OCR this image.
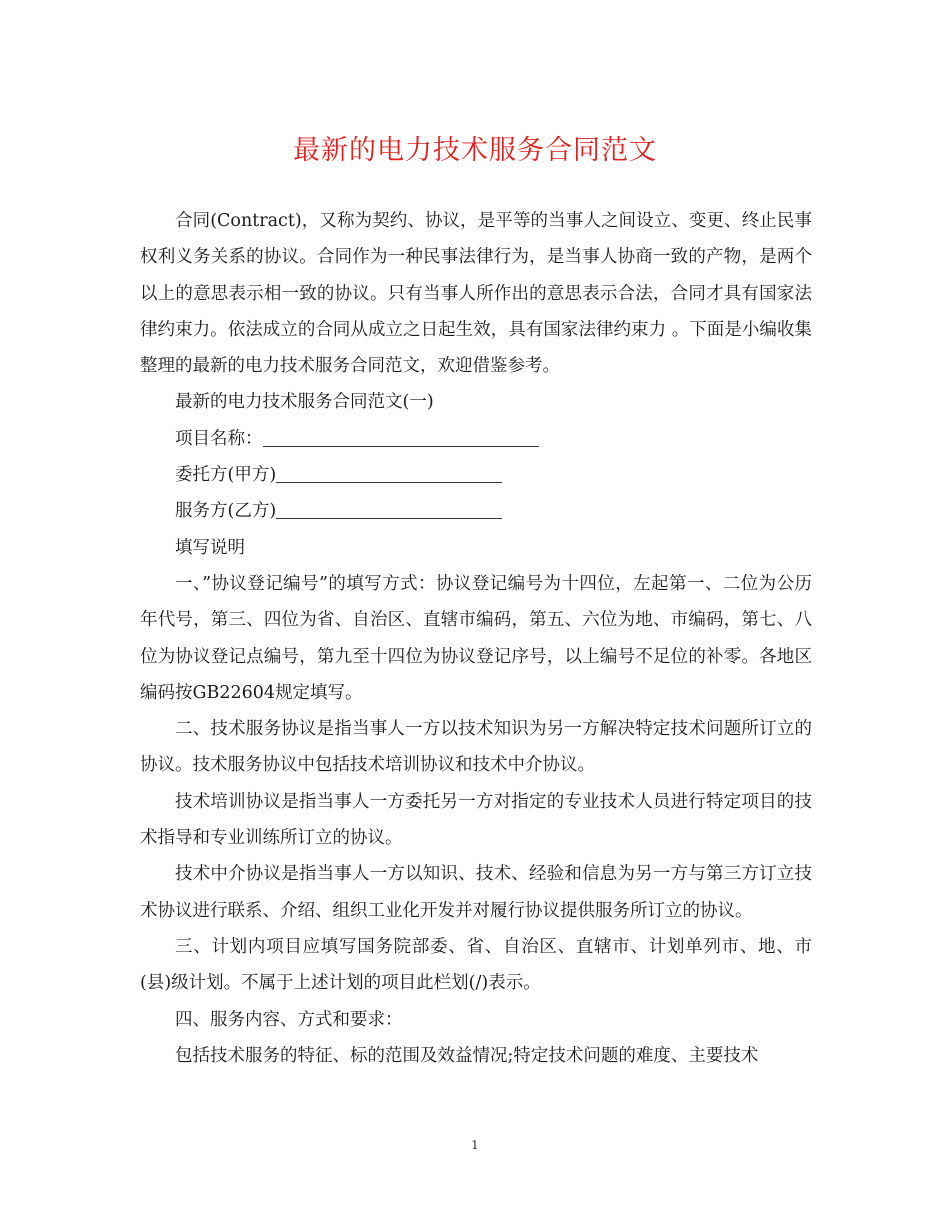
最新的电力技术服务合同范文

合同(Contract)，又称为契约、协议，是平等的当事人之间设立、变更、终止民事权利义务关系的协议。合同作为一种民事法律行为，是当事人协商一致的产物，是两个以上的意思表示相一致的协议。只有当事人所作出的意思表示合法，合同才具有国家法律约束力。依法成立的合同从成立之日起生效，具有国家法律约束力 。下面是小编收集整理的最新的电力技术服务合同范文，欢迎借鉴参考。

最新的电力技术服务合同范文(一)

项目名称：

委托方(甲方)

服务方(乙方)

填写说明

一、”协议登记编号”的填写方式：协议登记编号为十四位，左起第一、二位为公历年代号，第三、四位为省、自治区、直辖市编码，第五、六位为地、市编码，第七、八位为协议登记点编号，第九至十四位为协议登记序号，以上编号不足位的补零。各地区编码按GB22604规定填写。

二、技术服务协议是指当事人一方以技术知识为另一方解决特定技术问题所订立的协议。技术服务协议中包括技术培训协议和技术中介协议。

技术培训协议是指当事人一方委托另一方对指定的专业技术人员进行特定项目的技术指导和专业训练所订立的协议。

技术中介协议是指当事人一方以知识、技术、经验和信息为另一方与第三方订立技术协议进行联系、介绍、组织工业化开发并对履行协议提供服务所订立的协议。

三、计划内项目应填写国务院部委、省、自治区、直辖市、计划单列市、地、市(县)级计划。不属于上述计划的项目此栏划(/)表示。

四、服务内容、方式和要求：

包括技术服务的特征、标的范围及效益情况;特定技术问题的难度、主要技术

1
